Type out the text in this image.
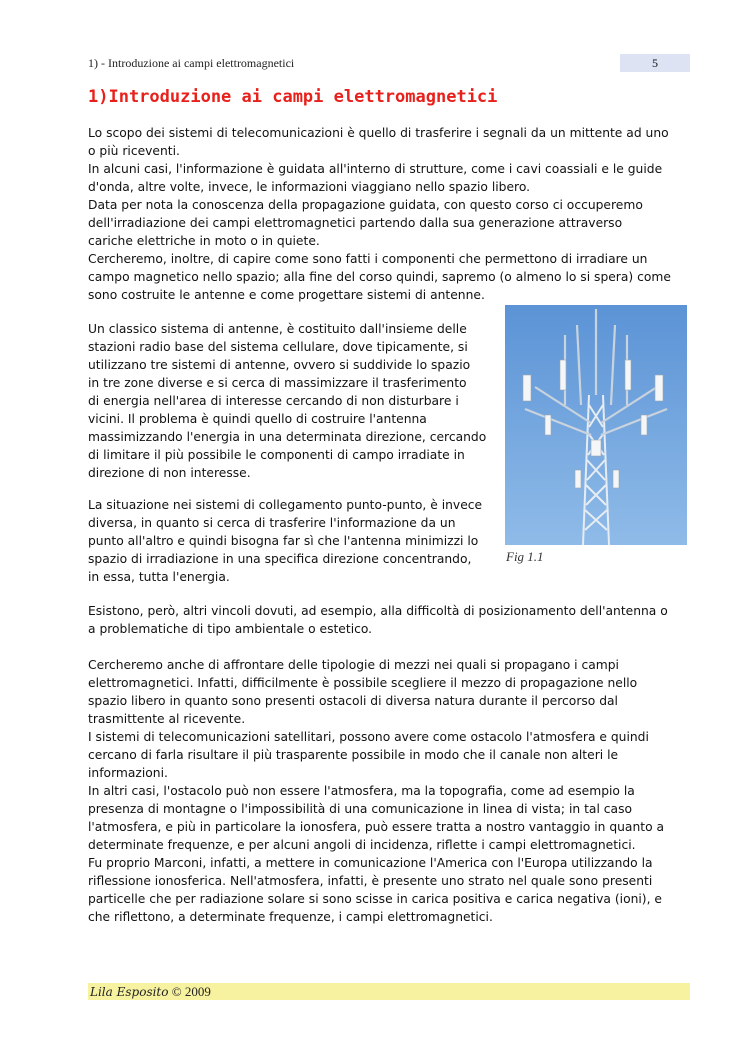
1) - Introduzione ai campi elettromagnetici	5
1)Introduzione ai campi elettromagnetici
Lo scopo dei sistemi di telecomunicazioni è quello di trasferire i segnali da un mittente ad uno
o più riceventi.
In alcuni casi, l'informazione è guidata all'interno di strutture, come i cavi coassiali e le guide
d'onda, altre volte, invece, le informazioni viaggiano nello spazio libero.
Data per nota la conoscenza della propagazione guidata, con questo corso ci occuperemo
dell'irradiazione dei campi elettromagnetici partendo dalla sua generazione attraverso
cariche elettriche in moto o in quiete.
Cercheremo, inoltre, di capire come sono fatti i componenti che permettono di irradiare un
campo magnetico nello spazio; alla fine del corso quindi, sapremo (o almeno lo si spera) come
sono costruite le antenne e come progettare sistemi di antenne.
Un classico sistema di antenne, è costituito dall'insieme delle
stazioni radio base del sistema cellulare, dove tipicamente, si
utilizzano tre sistemi di antenne, ovvero si suddivide lo spazio
in tre zone diverse e si cerca di massimizzare il trasferimento
di energia nell'area di interesse cercando di non disturbare i
vicini. Il problema è quindi quello di costruire l'antenna
massimizzando l'energia in una determinata direzione, cercando
di limitare il più possibile le componenti di campo irradiate in
direzione di non interesse.
La situazione nei sistemi di collegamento punto-punto, è invece
diversa, in quanto si cerca di trasferire l'informazione da un
punto all'altro e quindi bisogna far sì che l'antenna minimizzi lo
spazio di irradiazione in una specifica direzione concentrando,
in essa, tutta l'energia.
Fig 1.1
Esistono, però, altri vincoli dovuti, ad esempio, alla difficoltà di posizionamento dell'antenna o
a problematiche di tipo ambientale o estetico.
Cercheremo anche di affrontare delle tipologie di mezzi nei quali si propagano i campi
elettromagnetici. Infatti, difficilmente è possibile scegliere il mezzo di propagazione nello
spazio libero in quanto sono presenti ostacoli di diversa natura durante il percorso dal
trasmittente al ricevente.
I sistemi di telecomunicazioni satellitari, possono avere come ostacolo l'atmosfera e quindi
cercano di farla risultare il più trasparente possibile in modo che il canale non alteri le
informazioni.
In altri casi, l'ostacolo può non essere l'atmosfera, ma la topografia, come ad esempio la
presenza di montagne o l'impossibilità di una comunicazione in linea di vista; in tal caso
l'atmosfera, e più in particolare la ionosfera, può essere tratta a nostro vantaggio in quanto a
determinate frequenze, e per alcuni angoli di incidenza, riflette i campi elettromagnetici.
Fu proprio Marconi, infatti, a mettere in comunicazione l'America con l'Europa utilizzando la
riflessione ionosferica. Nell'atmosfera, infatti, è presente uno strato nel quale sono presenti
particelle che per radiazione solare si sono scisse in carica positiva e carica negativa (ioni), e
che riflettono, a determinate frequenze, i campi elettromagnetici.
Lila Esposito © 2009
